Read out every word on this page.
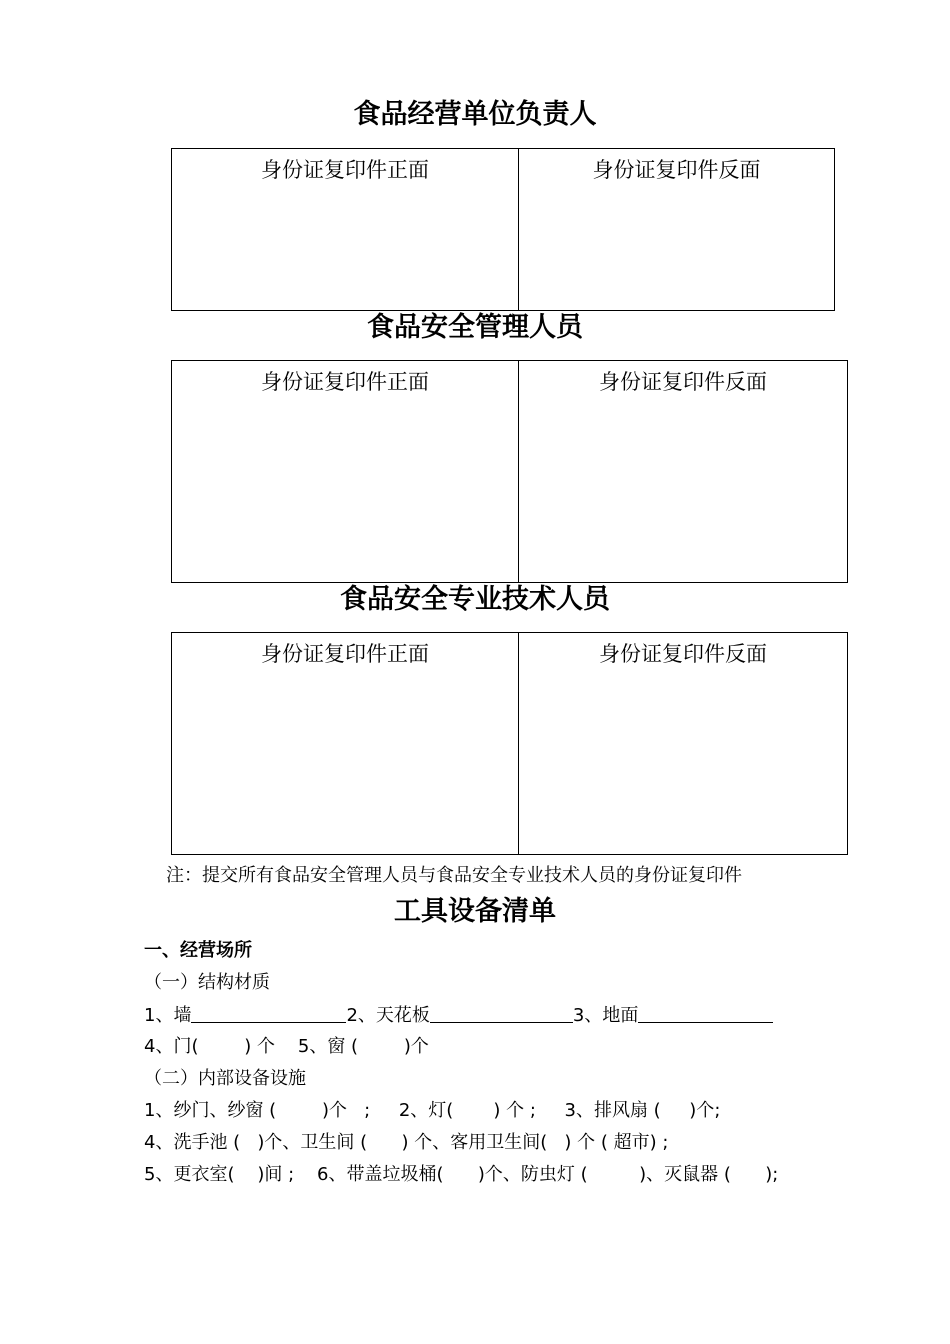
食品经营单位负责人
身份证复印件正面	身份证复印件反面
食品安全管理人员
身份证复印件正面	身份证复印件反面
食品安全专业技术人员
身份证复印件正面	身份证复印件反面
注：提交所有食品安全管理人员与食品安全专业技术人员的身份证复印件
工具设备清单
一、经营场所
（一）结构材质
1、墙	2、天花板	3、地面
4、门(        ) 个    5、窗 (        )个
（二）内部设备设施
1、纱门、纱窗 (        )个   ;     2、灯(       ) 个 ;     3、排风扇 (     )个;
4、洗手池 (   )个、卫生间 (      ) 个、客用卫生间(   ) 个 ( 超市) ;
5、更衣室(    )间 ;    6、带盖垃圾桶(      )个、防虫灯 (         )、灭鼠器 (      );
